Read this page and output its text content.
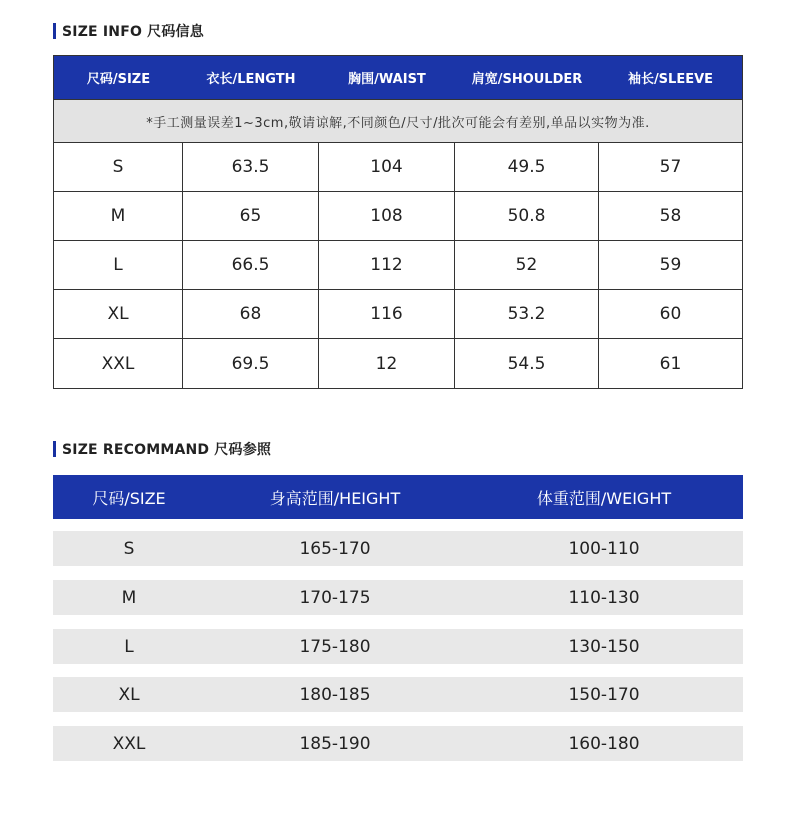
SIZE INFO 尺码信息
尺码/SIZE	衣长/LENGTH	胸围/WAIST	肩宽/SHOULDER	袖长/SLEEVE
*手工测量误差1~3cm,敬请谅解,不同颜色/尺寸/批次可能会有差别,单品以实物为准.
S	63.5	104	49.5	57
M	65	108	50.8	58
L	66.5	112	52	59
XL	68	116	53.2	60
XXL	69.5	12	54.5	61
SIZE RECOMMAND 尺码参照
尺码/SIZE	身高范围/HEIGHT	体重范围/WEIGHT
S	165-170	100-110
M	170-175	110-130
L	175-180	130-150
XL	180-185	150-170
XXL	185-190	160-180
